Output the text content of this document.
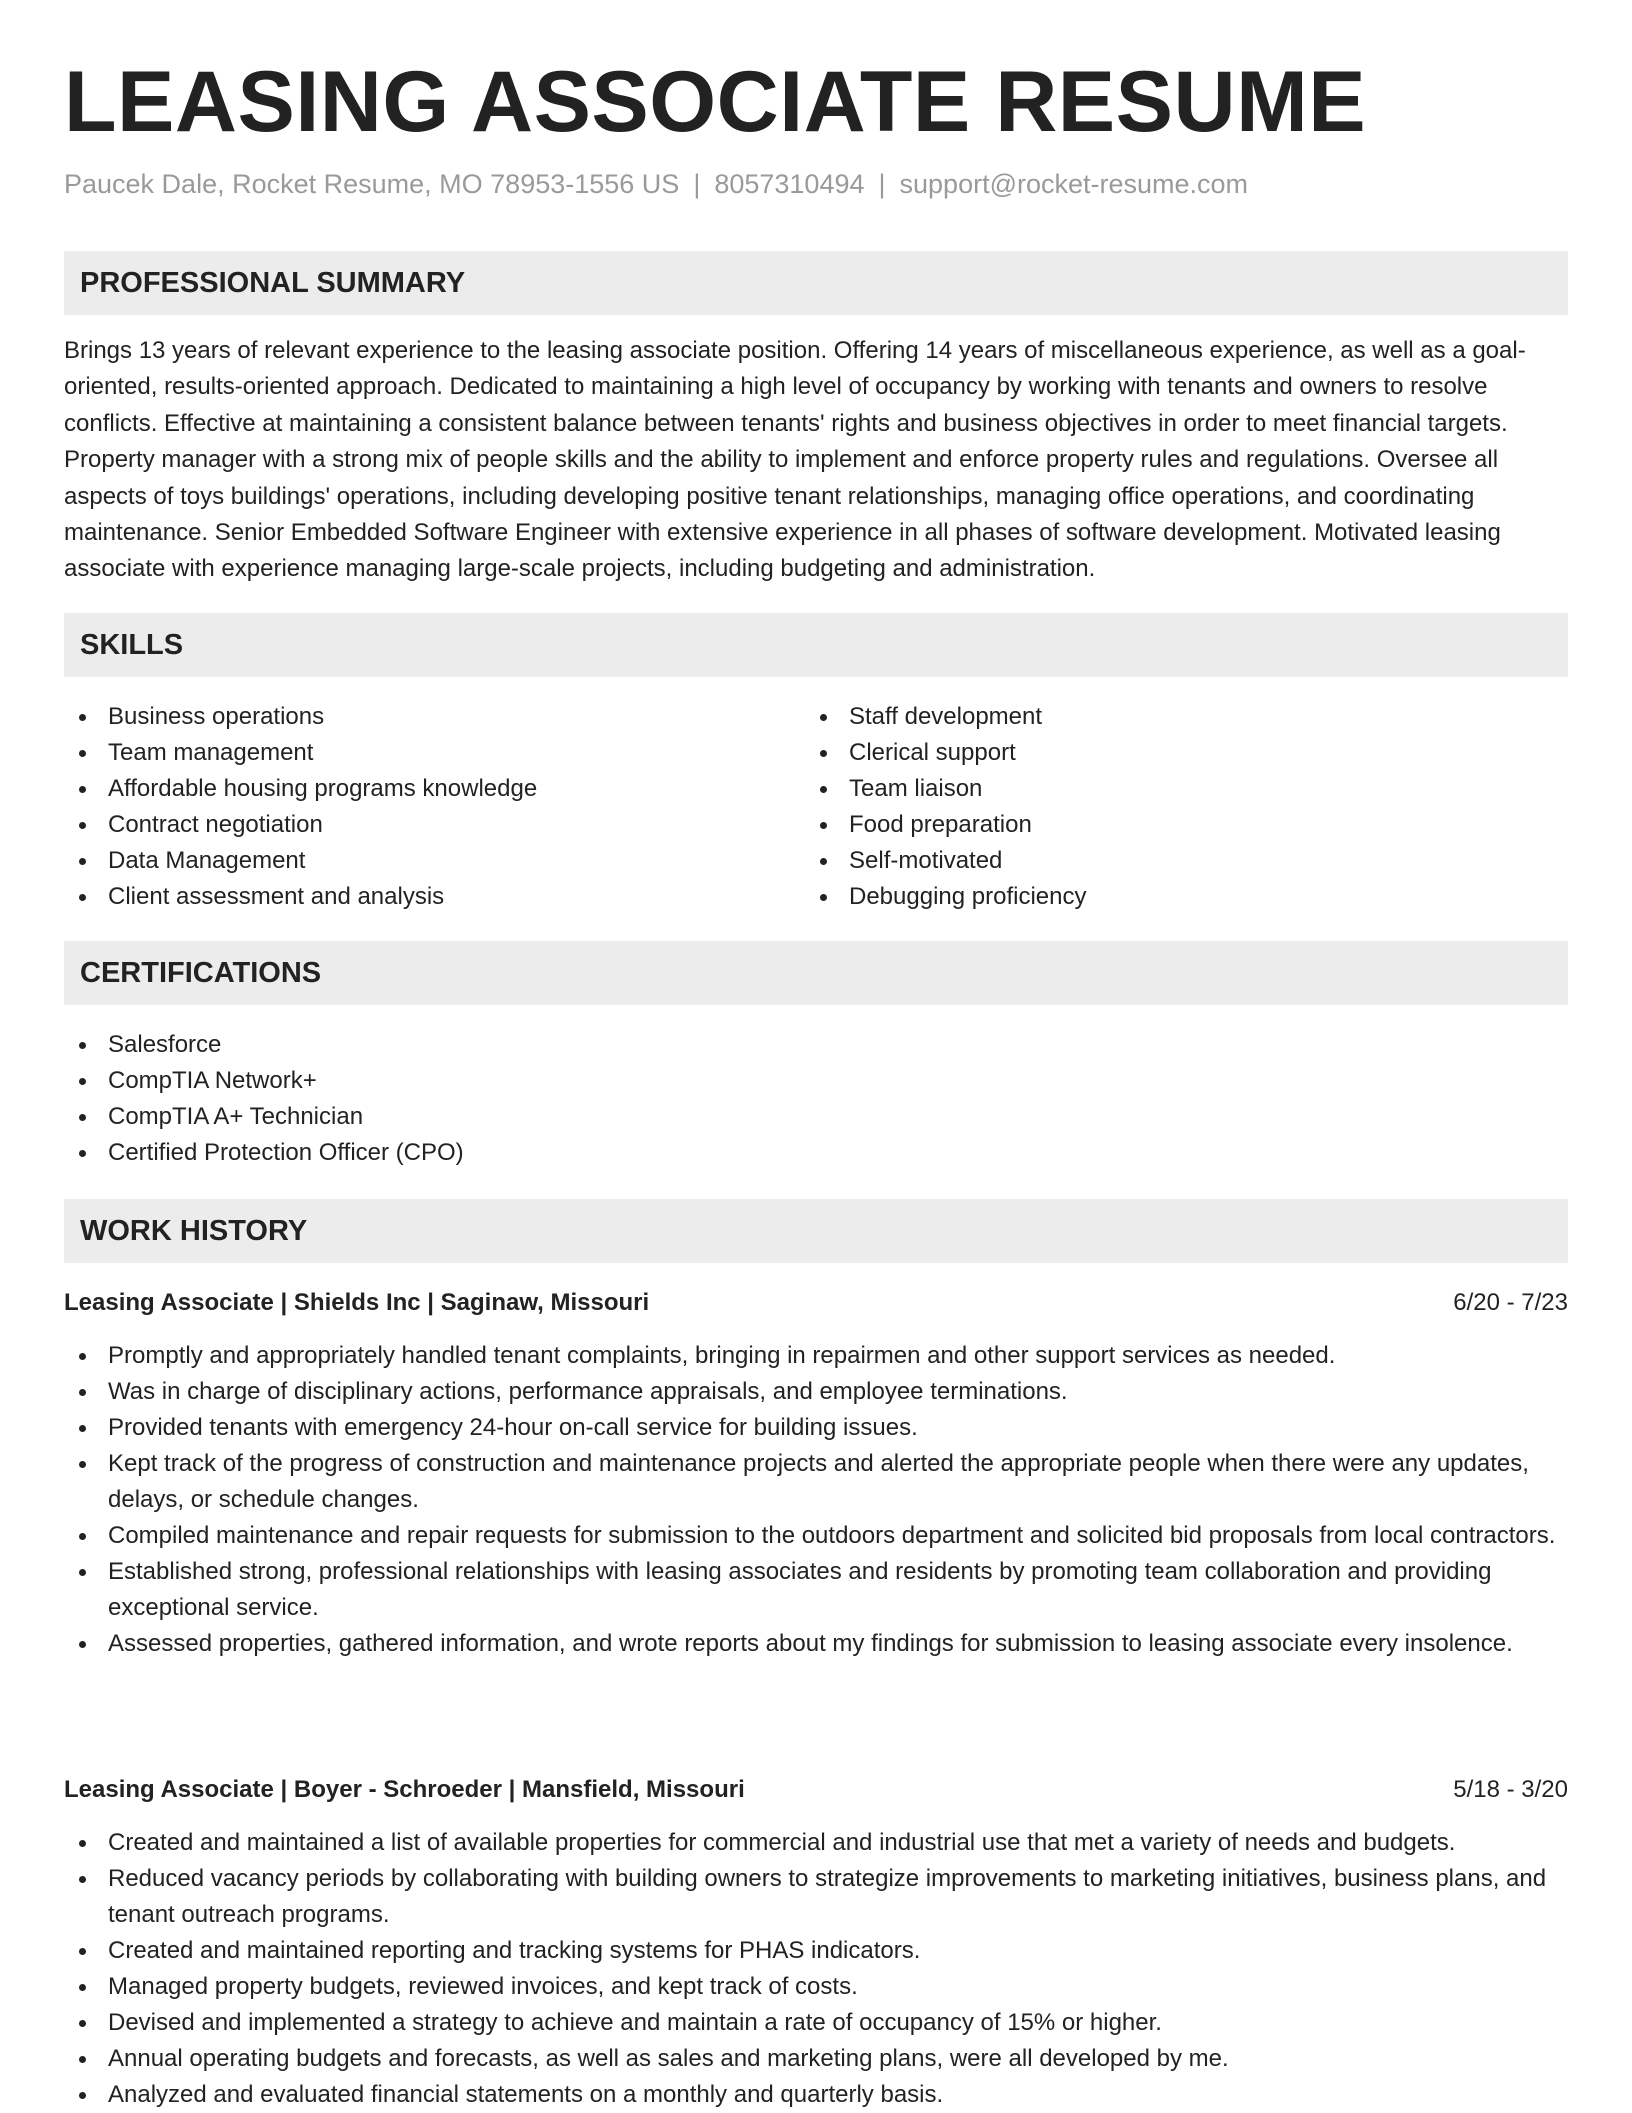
LEASING ASSOCIATE RESUME
Paucek Dale, Rocket Resume, MO 78953-1556 US | 8057310494 | support@rocket-resume.com
PROFESSIONAL SUMMARY

Brings 13 years of relevant experience to the leasing associate position. Offering 14 years of miscellaneous experience, as well as a goal-oriented, results-oriented approach. Dedicated to maintaining a high level of occupancy by working with tenants and owners to resolve conflicts. Effective at maintaining a consistent balance between tenants' rights and business objectives in order to meet financial targets. Property manager with a strong mix of people skills and the ability to implement and enforce property rules and regulations. Oversee all aspects of toys buildings' operations, including developing positive tenant relationships, managing office operations, and coordinating maintenance. Senior Embedded Software Engineer with extensive experience in all phases of software development. Motivated leasing associate with experience managing large-scale projects, including budgeting and administration.

SKILLS
Business operations
Team management
Affordable housing programs knowledge
Contract negotiation
Data Management
Client assessment and analysis
Staff development
Clerical support
Team liaison
Food preparation
Self-motivated
Debugging proficiency
CERTIFICATIONS
Salesforce
CompTIA Network+
CompTIA A+ Technician
Certified Protection Officer (CPO)
WORK HISTORY
Leasing Associate | Shields Inc | Saginaw, Missouri	6/20 - 7/23
Promptly and appropriately handled tenant complaints, bringing in repairmen and other support services as needed.
Was in charge of disciplinary actions, performance appraisals, and employee terminations.
Provided tenants with emergency 24-hour on-call service for building issues.
Kept track of the progress of construction and maintenance projects and alerted the appropriate people when there were any updates, delays, or schedule changes.
Compiled maintenance and repair requests for submission to the outdoors department and solicited bid proposals from local contractors.
Established strong, professional relationships with leasing associates and residents by promoting team collaboration and providing exceptional service.
Assessed properties, gathered information, and wrote reports about my findings for submission to leasing associate every insolence.
Leasing Associate | Boyer - Schroeder | Mansfield, Missouri	5/18 - 3/20
Created and maintained a list of available properties for commercial and industrial use that met a variety of needs and budgets.
Reduced vacancy periods by collaborating with building owners to strategize improvements to marketing initiatives, business plans, and tenant outreach programs.
Created and maintained reporting and tracking systems for PHAS indicators.
Managed property budgets, reviewed invoices, and kept track of costs.
Devised and implemented a strategy to achieve and maintain a rate of occupancy of 15% or higher.
Annual operating budgets and forecasts, as well as sales and marketing plans, were all developed by me.
Analyzed and evaluated financial statements on a monthly and quarterly basis.
